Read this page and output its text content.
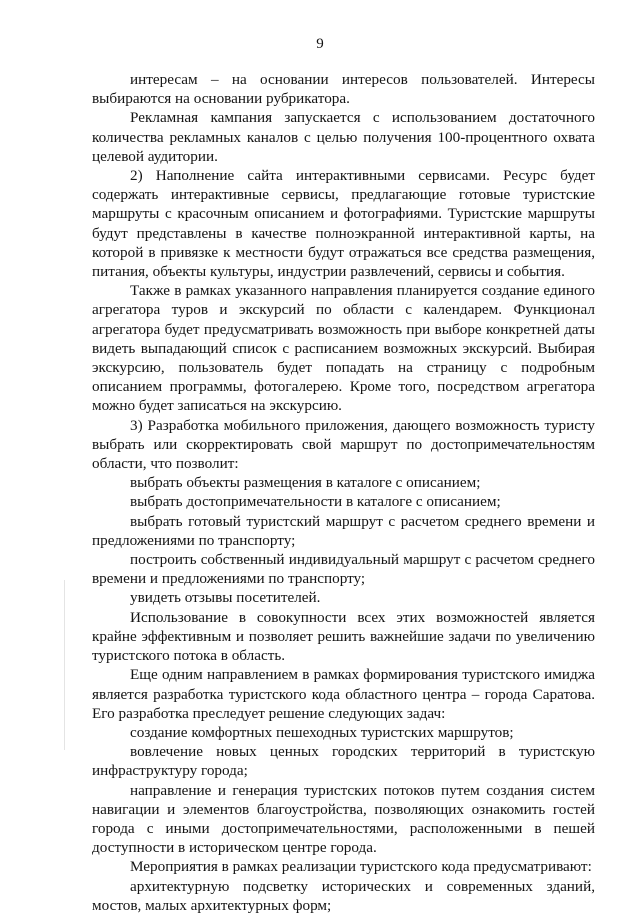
9

интересам – на основании интересов пользователей. Интересы выбираются на основании рубрикатора.

Рекламная кампания запускается с использованием достаточного количества рекламных каналов с целью получения 100-процентного охвата целевой аудитории.

2) Наполнение сайта интерактивными сервисами. Ресурс будет содержать интерактивные сервисы, предлагающие готовые туристские маршруты с красочным описанием и фотографиями. Туристские маршруты будут представлены в качестве полноэкранной интерактивной карты, на которой в привязке к местности будут отражаться все средства размещения, питания, объекты культуры, индустрии развлечений, сервисы и события.

Также в рамках указанного направления планируется создание единого агрегатора туров и экскурсий по области с календарем. Функционал агрегатора будет предусматривать возможность при выборе конкретней даты видеть выпадающий список с расписанием возможных экскурсий. Выбирая экскурсию, пользователь будет попадать на страницу с подробным описанием программы, фотогалерею. Кроме того, посредством агрегатора можно будет записаться на экскурсию.

3) Разработка мобильного приложения, дающего возможность туристу выбрать или скорректировать свой маршрут по достопримечательностям области, что позволит:

выбрать объекты размещения в каталоге с описанием;

выбрать достопримечательности в каталоге с описанием;

выбрать готовый туристский маршрут с расчетом среднего времени и предложениями по транспорту;

построить собственный индивидуальный маршрут с расчетом среднего времени и предложениями по транспорту;

увидеть отзывы посетителей.

Использование в совокупности всех этих возможностей является крайне эффективным и позволяет решить важнейшие задачи по увеличению туристского потока в область.

Еще одним направлением в рамках формирования туристского имиджа является разработка туристского кода областного центра – города Саратова. Его разработка преследует решение следующих задач:

создание комфортных пешеходных туристских маршрутов;

вовлечение новых ценных городских территорий в туристскую инфраструктуру города;

направление и генерация туристских потоков путем создания систем навигации и элементов благоустройства, позволяющих ознакомить гостей города с иными достопримечательностями, расположенными в пешей доступности в историческом центре города.

Мероприятия в рамках реализации туристского кода предусматривают:

архитектурную подсветку исторических и современных зданий, мостов, малых архитектурных форм;
